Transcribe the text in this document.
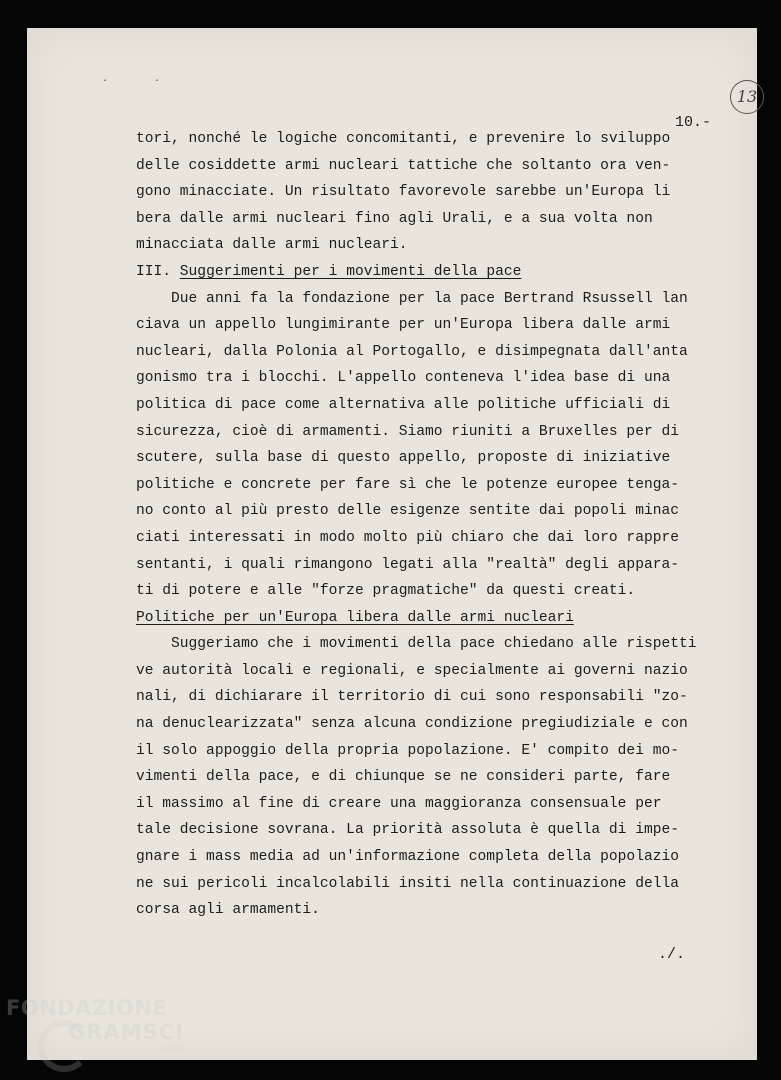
· ·
13
10.-
tori, nonché le logiche concomitanti, e prevenire lo sviluppo
delle cosiddette armi nucleari tattiche che soltanto ora ven-
gono minacciate. Un risultato favorevole sarebbe un'Europa li
bera dalle armi nucleari fino agli Urali, e a sua volta non
minacciata dalle armi nucleari.
III. Suggerimenti per i movimenti della pace
Due anni fa la fondazione per la pace Bertrand Rsussell lan
ciava un appello lungimirante per un'Europa libera dalle armi
nucleari, dalla Polonia al Portogallo, e disimpegnata dall'anta
gonismo tra i blocchi. L'appello conteneva l'idea base di una
politica di pace come alternativa alle politiche ufficiali di
sicurezza, cioè di armamenti. Siamo riuniti a Bruxelles per di
scutere, sulla base di questo appello, proposte di iniziative
politiche e concrete per fare sì che le potenze europee tenga-
no conto al più presto delle esigenze sentite dai popoli minac
ciati interessati in modo molto più chiaro che dai loro rappre
sentanti, i quali rimangono legati alla "realtà" degli appara-
ti di potere e alle "forze pragmatiche" da questi creati.
Politiche per un'Europa libera dalle armi nucleari
Suggeriamo che i movimenti della pace chiedano alle rispetti
ve autorità locali e regionali, e specialmente ai governi nazio
nali, di dichiarare il territorio di cui sono responsabili "zo-
na denuclearizzata" senza alcuna condizione pregiudiziale e con
il solo appoggio della propria popolazione. E' compito dei mo-
vimenti della pace, e di chiunque se ne consideri parte, fare
il massimo al fine di creare una maggioranza consensuale per
tale decisione sovrana. La priorità assoluta è quella di impe-
gnare i mass media ad un'informazione completa della popolazio
ne sui pericoli incalcolabili insiti nella continuazione della
corsa agli armamenti.
./.
FONDAZIONE
GRAMSCI
onlus
